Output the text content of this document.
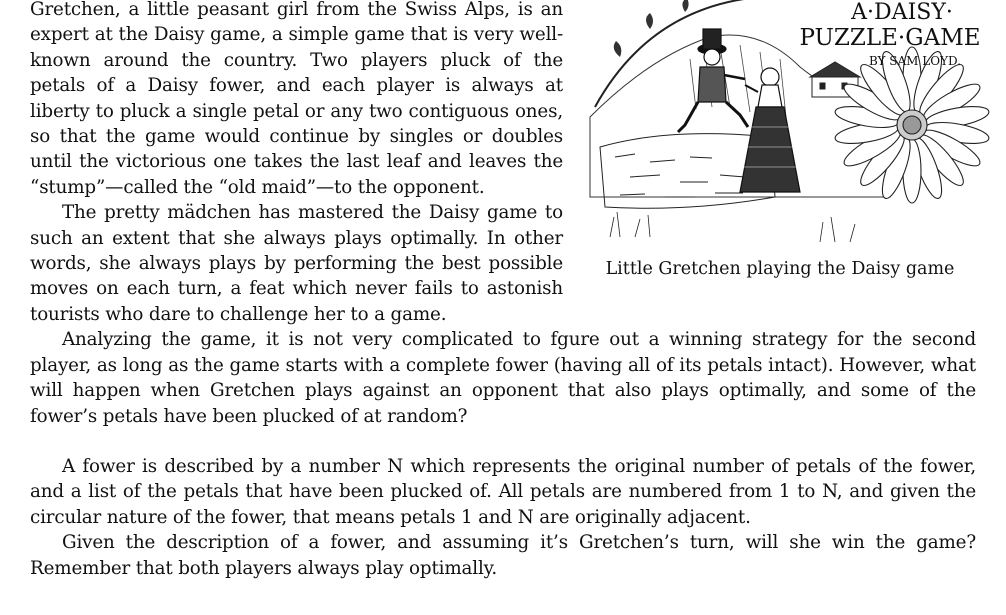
Gretchen, a little peasant girl from the Swiss Alps, is an expert at the Daisy game, a simple game that is very well-known around the country. Two players pluck of the petals of a Daisy fower, and each player is always at liberty to pluck a single petal or any two contiguous ones, so that the game would continue by singles or doubles until the victorious one takes the last leaf and leaves the “stump”—called the “old maid”—to the opponent.

The pretty mädchen has mastered the Daisy game to such an extent that she always plays optimally. In other words, she always plays by performing the best possible moves on each turn, a feat which never fails to astonish tourists who dare to challenge her to a game.

A·DAISY·
PUZZLE·GAME
BY SAM LOYD.
Little Gretchen playing the Daisy game

Analyzing the game, it is not very complicated to fgure out a winning strategy for the second player, as long as the game starts with a complete fower (having all of its petals intact). However, what will happen when Gretchen plays against an opponent that also plays optimally, and some of the fower’s petals have been plucked of at random?

A fower is described by a number N which represents the original number of petals of the fower, and a list of the petals that have been plucked of. All petals are numbered from 1 to N, and given the circular nature of the fower, that means petals 1 and N are originally adjacent.

Given the description of a fower, and assuming it’s Gretchen’s turn, will she win the game? Remember that both players always play optimally.
